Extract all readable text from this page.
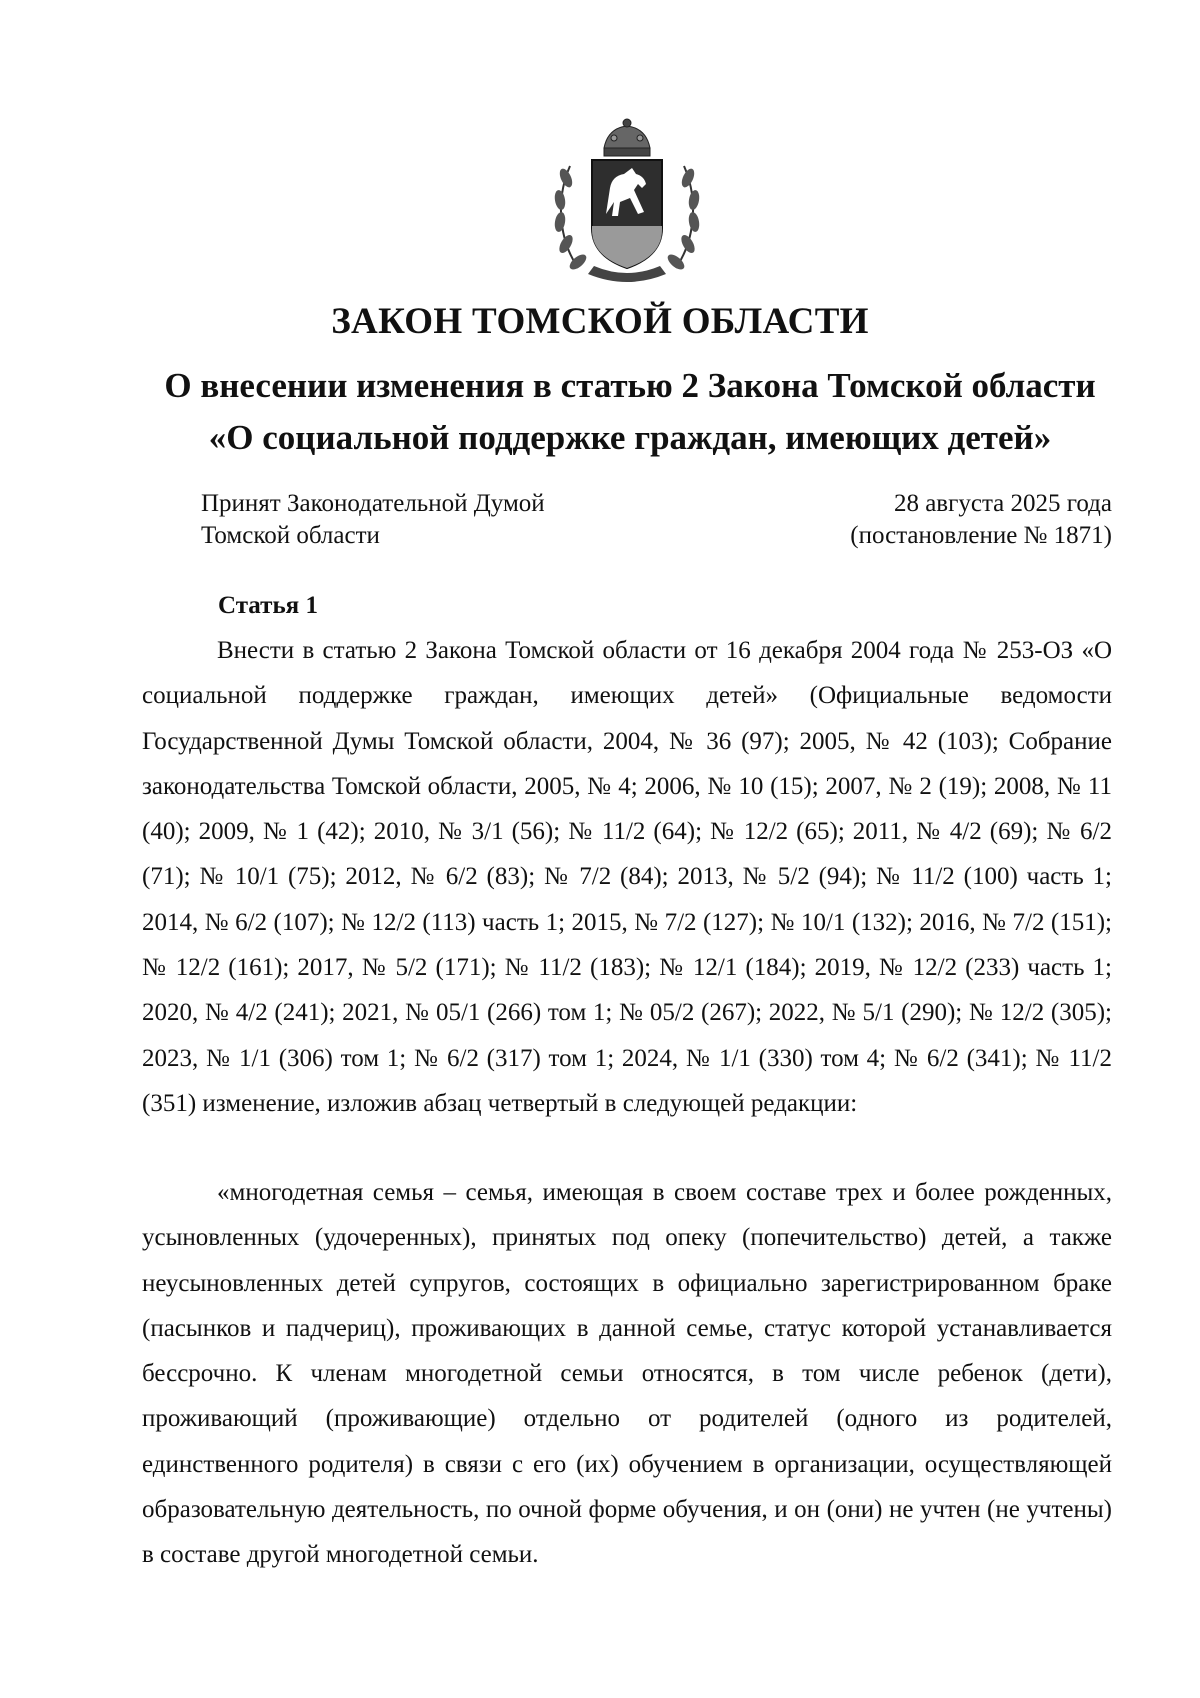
ЗАКОН ТОМСКОЙ ОБЛАСТИ
О внесении изменения в статью 2 Закона Томской области
«О социальной поддержке граждан, имеющих детей»
Принят Законодательной Думой
Томской области
28 августа 2025 года
(постановление № 1871)
Статья 1

Внести в статью 2 Закона Томской области от 16 декабря 2004 года № 253-ОЗ «О социальной поддержке граждан, имеющих детей» (Официальные ведомости Государственной Думы Томской области, 2004, № 36 (97); 2005, № 42 (103); Собрание законодательства Томской области, 2005, № 4; 2006, № 10 (15); 2007, № 2 (19); 2008, № 11 (40); 2009, № 1 (42); 2010, № 3/1 (56); № 11/2 (64); № 12/2 (65); 2011, № 4/2 (69); № 6/2 (71); № 10/1 (75); 2012, № 6/2 (83); № 7/2 (84); 2013, № 5/2 (94); № 11/2 (100) часть 1; 2014, № 6/2 (107); № 12/2 (113) часть 1; 2015, № 7/2 (127); № 10/1 (132); 2016, № 7/2 (151); № 12/2 (161); 2017, № 5/2 (171); № 11/2 (183); № 12/1 (184); 2019, № 12/2 (233) часть 1; 2020, № 4/2 (241); 2021, № 05/1 (266) том 1; № 05/2 (267); 2022, № 5/1 (290); № 12/2 (305); 2023, № 1/1 (306) том 1; № 6/2 (317) том 1; 2024, № 1/1 (330) том 4; № 6/2 (341); № 11/2 (351) изменение, изложив абзац четвертый в следующей редакции:

«многодетная семья – семья, имеющая в своем составе трех и более рожденных, усыновленных (удочеренных), принятых под опеку (попечительство) детей, а также неусыновленных детей супругов, состоящих в официально зарегистрированном браке (пасынков и падчериц), проживающих в данной семье, статус которой устанавливается бессрочно. К членам многодетной семьи относятся, в том числе ребенок (дети), проживающий (проживающие) отдельно от родителей (одного из родителей, единственного родителя) в связи с его (их) обучением в организации, осуществляющей образовательную деятельность, по очной форме обучения, и он (они) не учтен (не учтены) в составе другой многодетной семьи.
